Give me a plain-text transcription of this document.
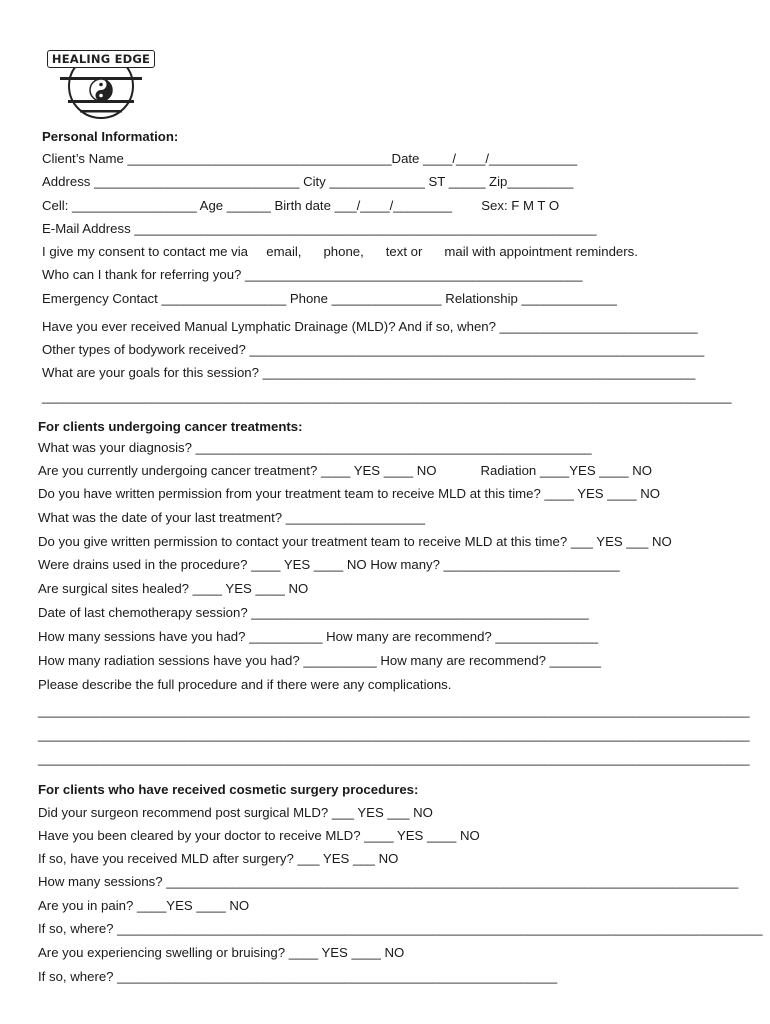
HEALING EDGE
Personal Information:
Client’s Name ____________________________________Date ____/____/____________
Address ____________________________ City _____________ ST _____ Zip_________
Cell: _________________ Age ______ Birth date ___/____/________        Sex: F M T O
E-Mail Address _______________________________________________________________
I give my consent to contact me via     email,      phone,      text or      mail with appointment reminders.
Who can I thank for referring you? ______________________________________________
Emergency Contact _________________ Phone _______________ Relationship _____________
Have you ever received Manual Lymphatic Drainage (MLD)? And if so, when? ___________________________
Other types of bodywork received? ______________________________________________________________
What are your goals for this session? ___________________________________________________________
______________________________________________________________________________________________
For clients undergoing cancer treatments:
What was your diagnosis? ______________________________________________________
Are you currently undergoing cancer treatment? ____ YES ____ NO            Radiation ____YES ____ NO
Do you have written permission from your treatment team to receive MLD at this time? ____ YES ____ NO
What was the date of your last treatment? ___________________
Do you give written permission to contact your treatment team to receive MLD at this time? ___ YES ___ NO
Were drains used in the procedure? ____ YES ____ NO How many? ________________________
Are surgical sites healed? ____ YES ____ NO
Date of last chemotherapy session? ______________________________________________
How many sessions have you had? __________ How many are recommend? ______________
How many radiation sessions have you had? __________ How many are recommend? _______
Please describe the full procedure and if there were any complications.
_________________________________________________________________________________________________
_________________________________________________________________________________________________
_________________________________________________________________________________________________
For clients who have received cosmetic surgery procedures:
Did your surgeon recommend post surgical MLD? ___ YES ___ NO
Have you been cleared by your doctor to receive MLD? ____ YES ____ NO
If so, have you received MLD after surgery? ___ YES ___ NO
How many sessions? ______________________________________________________________________________
Are you in pain? ____YES ____ NO
If so, where? ________________________________________________________________________________________
Are you experiencing swelling or bruising? ____ YES ____ NO
If so, where? ____________________________________________________________
